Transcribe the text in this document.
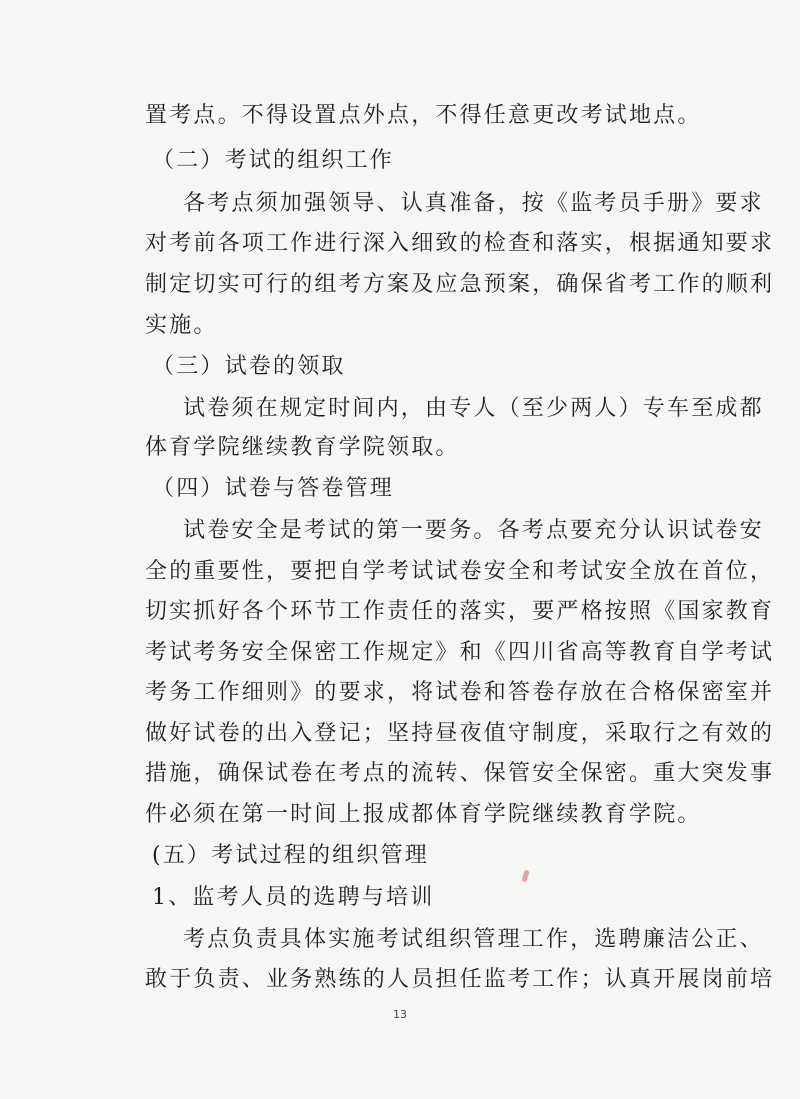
置考点。不得设置点外点，不得任意更改考试地点。
（二）考试的组织工作
各考点须加强领导、认真准备，按《监考员手册》要求
对考前各项工作进行深入细致的检查和落实，根据通知要求
制定切实可行的组考方案及应急预案，确保省考工作的顺利
实施。
（三）试卷的领取
试卷须在规定时间内，由专人（至少两人）专车至成都
体育学院继续教育学院领取。
（四）试卷与答卷管理
试卷安全是考试的第一要务。各考点要充分认识试卷安
全的重要性，要把自学考试试卷安全和考试安全放在首位，
切实抓好各个环节工作责任的落实，要严格按照《国家教育
考试考务安全保密工作规定》和《四川省高等教育自学考试
考务工作细则》的要求，将试卷和答卷存放在合格保密室并
做好试卷的出入登记；坚持昼夜值守制度，采取行之有效的
措施，确保试卷在考点的流转、保管安全保密。重大突发事
件必须在第一时间上报成都体育学院继续教育学院。
(五）考试过程的组织管理
1、监考人员的选聘与培训
考点负责具体实施考试组织管理工作，选聘廉洁公正、
敢于负责、业务熟练的人员担任监考工作；认真开展岗前培
13
